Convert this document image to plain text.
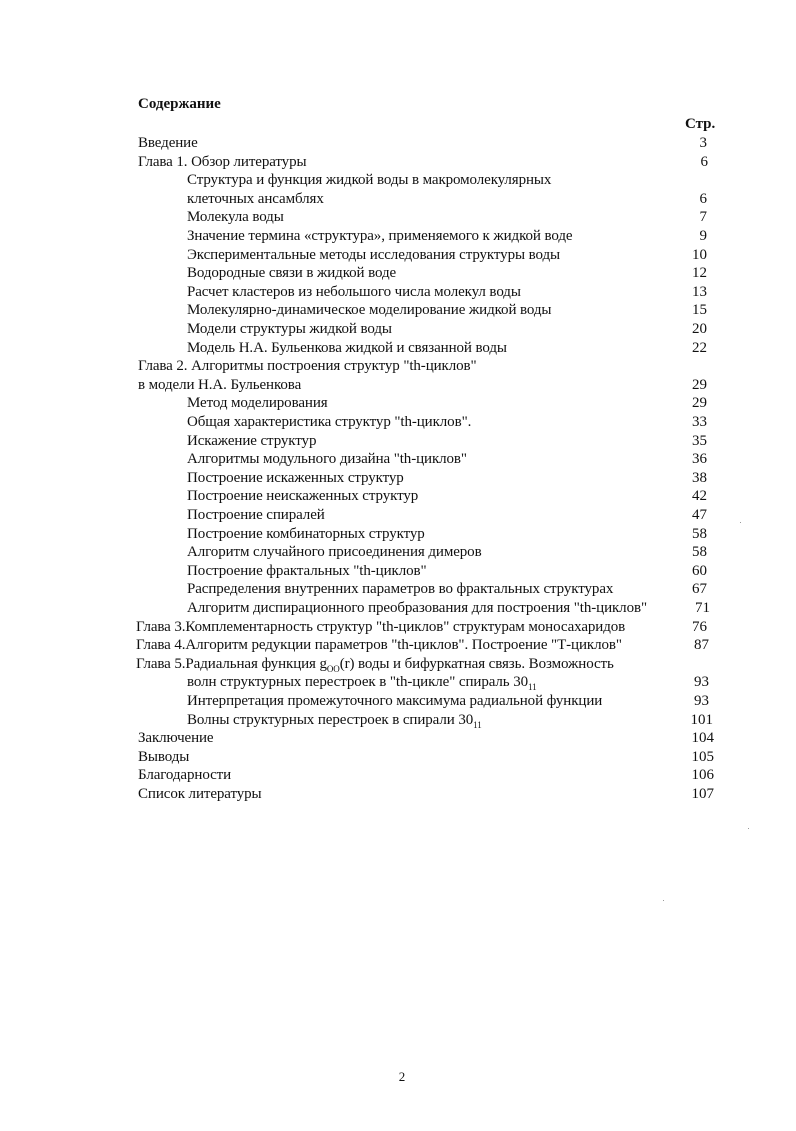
Содержание
Стр.
Введение	3
Глава 1. Обзор литературы	6
Структура и функция жидкой воды в макромолекулярных
клеточных ансамблях	6
Молекула воды	7
Значение термина «структура», применяемого к жидкой воде	9
Экспериментальные методы исследования структуры воды	10
Водородные связи в жидкой воде	12
Расчет кластеров из небольшого числа молекул воды	13
Молекулярно-динамическое моделирование жидкой воды	15
Модели структуры жидкой воды	20
Модель Н.А. Бульенкова жидкой и связанной воды	22
Глава 2. Алгоритмы построения структур "th-циклов"
в модели Н.А. Бульенкова	29
Метод моделирования	29
Общая характеристика структур "th-циклов".	33
Искажение структур	35
Алгоритмы модульного дизайна "th-циклов"	36
Построение искаженных структур	38
Построение неискаженных структур	42
Построение спиралей	47
Построение комбинаторных структур	58
Алгоритм случайного присоединения димеров	58
Построение фрактальных "th-циклов"	60
Распределения внутренних параметров во фрактальных структурах	67
Алгоритм диспирационного преобразования для построения "th-циклов"	71
Глава 3.Комплементарность структур "th-циклов" структурам моносахаридов	76
Глава 4.Алгоритм редукции параметров "th-циклов". Построение "Т-циклов"	87
Глава 5.Радиальная функция $g_{OO}(r)$ воды и бифуркатная связь. Возможность
волн структурных перестроек в "th-цикле" спираль $30_{11}$	93
Интерпретация промежуточного максимума радиальной функции	93
Волны структурных перестроек в спирали $30_{11}$	101
Заключение	104
Выводы	105
Благодарности	106
Список литературы	107
2
